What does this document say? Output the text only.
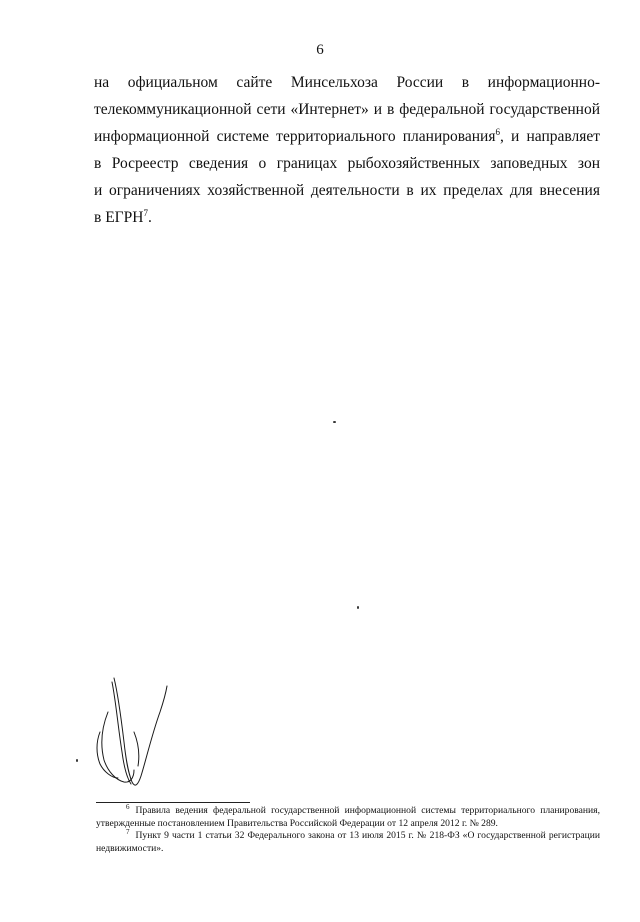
6

на официальном сайте Минсельхоза России в информационно-
телекоммуникационной сети «Интернет» и в федеральной государственной
информационной системе территориального планирования$^6$, и направляет
в Росреестр сведения о границах рыбохозяйственных заповедных зон
и ограничениях хозяйственной деятельности в их пределах для внесения
в ЕГРН$^7$.

$^6$ Правила ведения федеральной государственной информационной системы территориального планирования, утвержденные постановлением Правительства Российской Федерации от 12 апреля 2012 г. № 289.

$^7$ Пункт 9 части 1 статьи 32 Федерального закона от 13 июля 2015 г. № 218-ФЗ «О государственной регистрации недвижимости».
